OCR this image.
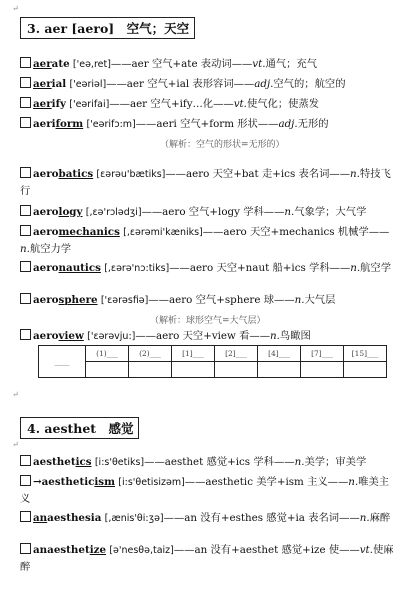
↵
3. aer [aero] 空气；天空
aerate ['eə,ret]——aer 空气+ate 表动词——vt.通气；充气
aerial ['eəriəl]——aer 空气+ial 表形容词——adj.空气的；航空的
aerify ['eərifai]——aer 空气+ify…化——vt.使气化；使蒸发
aeriform ['eərifɔ:m]——aeri 空气+form 形状——adj.无形的
（解析：空气的形状=无形的）
aerobatics [ɛərəu'bætiks]——aero 天空+bat 走+ics 表名词——n.特技飞行
aerology [,ɛə'rɔlədʒi]——aero 空气+logy 学科——n.气象学；大气学
aeromechanics [,ɛərəmi'kæniks]——aero 天空+mechanics 机械学——n.航空力学
aeronautics [,ɛərə'nɔ:tiks]——aero 天空+naut 船+ics 学科——n.航空学
aerosphere ['ɛərəsfiə]——aero 空气+sphere 球——n.大气层
（解析：球形空气=大气层）
aeroview ['ɛərəvju:]——aero 天空+view 看——n.鸟瞰图
____	(1)___	(2)___	[1]___	[2]___	[4]___	[7]___	[15]___

↵
4. aesthet 感觉
↵
aesthetics [i:s'θetiks]——aesthet 感觉+ics 学科——n.美学；审美学
→aestheticism [i:s'θetisizəm]——aesthetic 美学+ism 主义——n.唯美主义
anaesthesia [,ænis'θi:ʒə]——an 没有+esthes 感觉+ia 表名词——n.麻醉
anaesthetize [ə'nesθə,taiz]——an 没有+aesthet 感觉+ize 使——vt.使麻醉
